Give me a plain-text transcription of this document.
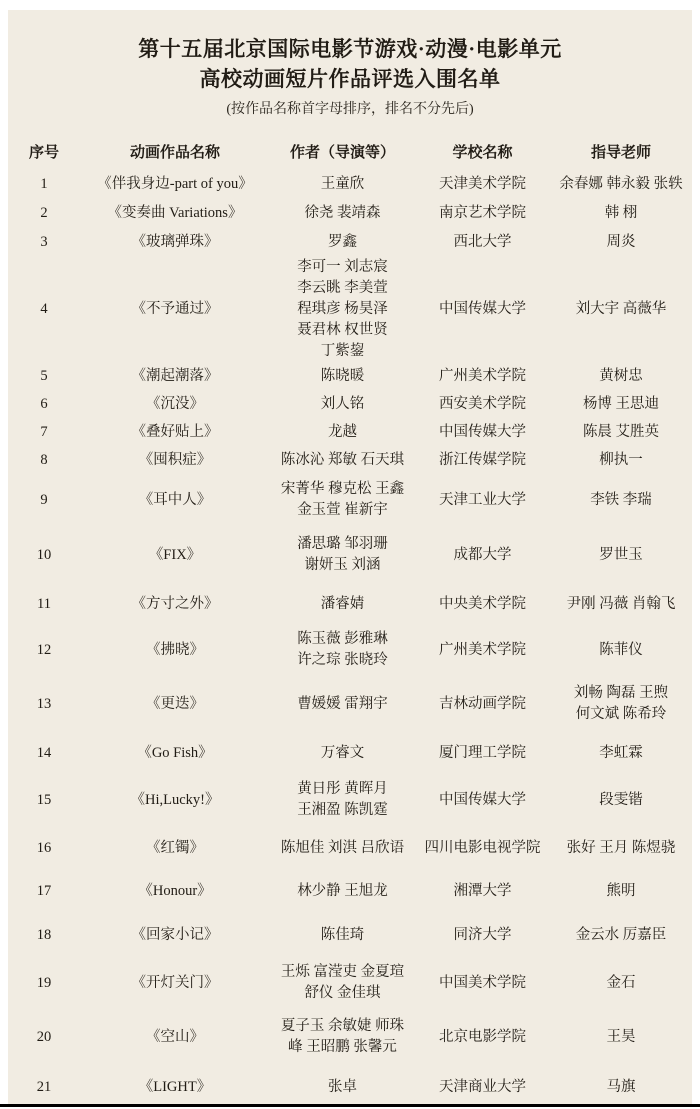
第十五届北京国际电影节游戏·动漫·电影单元
高校动画短片作品评选入围名单
(按作品名称首字母排序，排名不分先后)
序号	动画作品名称	作者（导演等）	学校名称	指导老师
1	《伴我身边-part of you》	王童欣	天津美术学院	余春娜 韩永毅 张轶

2	《变奏曲 Variations》	徐尧 裴靖森	南京艺术学院	韩 栩

3	《玻璃弹珠》	罗鑫	西北大学	周炎

4	《不予通过》	李可一 刘志宸
李云眺 李美萱
程琪彦 杨昊泽
聂君林 权世贤
丁紫鋆	中国传媒大学	刘大宇 高薇华

5	《潮起潮落》	陈晓暖	广州美术学院	黄树忠

6	《沉没》	刘人铭	西安美术学院	杨博 王思迪

7	《叠好贴上》	龙越	中国传媒大学	陈晨 艾胜英

8	《囤积症》	陈冰沁 郑敏 石天琪	浙江传媒学院	柳执一

9	《耳中人》	宋菁华 穆克松 王鑫
金玉萱 崔新宇	天津工业大学	李铁 李瑞

10	《FIX》	潘思璐 邹羽珊
谢妍玉 刘涵	成都大学	罗世玉

11	《方寸之外》	潘睿婧	中央美术学院	尹刚 冯薇 肖翰飞

12	《拂晓》	陈玉薇 彭雅琳
许之琮 张晓玲	广州美术学院	陈菲仪

13	《更迭》	曹媛媛 雷翔宇	吉林动画学院	刘畅 陶磊 王煦
何文斌 陈希玲

14	《Go Fish》	万睿文	厦门理工学院	李虹霖

15	《Hi,Lucky!》	黄日彤 黄晖月
王湘盈 陈凯霆	中国传媒大学	段雯锴

16	《红镯》	陈旭佳 刘淇 吕欣语	四川电影电视学院	张好 王月 陈煜骁

17	《Honour》	林少静 王旭龙	湘潭大学	熊明

18	《回家小记》	陈佳琦	同济大学	金云水 厉嘉臣

19	《开灯关门》	王烁 富滢吏 金夏瑄
舒仪 金佳琪	中国美术学院	金石

20	《空山》	夏子玉 余敏婕 师珠
峰 王昭鹏 张馨元	北京电影学院	王昊

21	《LIGHT》	张卓	天津商业大学	马旗
